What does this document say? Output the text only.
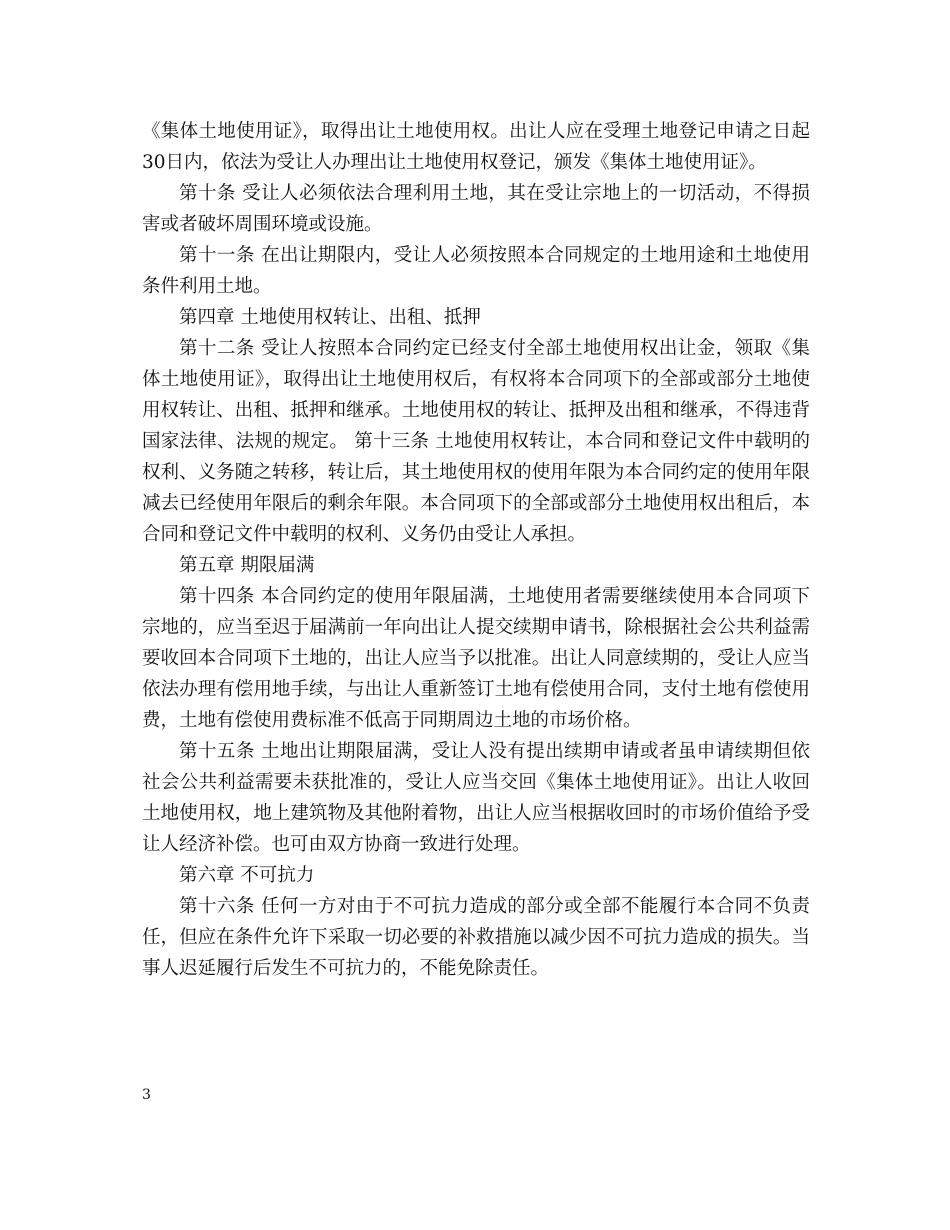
《集体土地使用证》，取得出让土地使用权。出让人应在受理土地登记申请之日起30日内，依法为受让人办理出让土地使用权登记，颁发《集体土地使用证》。

第十条 受让人必须依法合理利用土地，其在受让宗地上的一切活动，不得损害或者破坏周围环境或设施。

第十一条 在出让期限内，受让人必须按照本合同规定的土地用途和土地使用条件利用土地。

第四章 土地使用权转让、出租、抵押

第十二条 受让人按照本合同约定已经支付全部土地使用权出让金，领取《集体土地使用证》，取得出让土地使用权后，有权将本合同项下的全部或部分土地使用权转让、出租、抵押和继承。土地使用权的转让、抵押及出租和继承，不得违背国家法律、法规的规定。 第十三条 土地使用权转让，本合同和登记文件中载明的权利、义务随之转移，转让后，其土地使用权的使用年限为本合同约定的使用年限减去已经使用年限后的剩余年限。本合同项下的全部或部分土地使用权出租后，本合同和登记文件中载明的权利、义务仍由受让人承担。

第五章 期限届满

第十四条 本合同约定的使用年限届满，土地使用者需要继续使用本合同项下宗地的，应当至迟于届满前一年向出让人提交续期申请书，除根据社会公共利益需要收回本合同项下土地的，出让人应当予以批准。出让人同意续期的，受让人应当依法办理有偿用地手续，与出让人重新签订土地有偿使用合同，支付土地有偿使用费，土地有偿使用费标准不低高于同期周边土地的市场价格。

第十五条 土地出让期限届满，受让人没有提出续期申请或者虽申请续期但依社会公共利益需要未获批准的，受让人应当交回《集体土地使用证》。出让人收回土地使用权，地上建筑物及其他附着物，出让人应当根据收回时的市场价值给予受让人经济补偿。也可由双方协商一致进行处理。

第六章 不可抗力

第十六条 任何一方对由于不可抗力造成的部分或全部不能履行本合同不负责任，但应在条件允许下采取一切必要的补救措施以减少因不可抗力造成的损失。当事人迟延履行后发生不可抗力的，不能免除责任。

3
